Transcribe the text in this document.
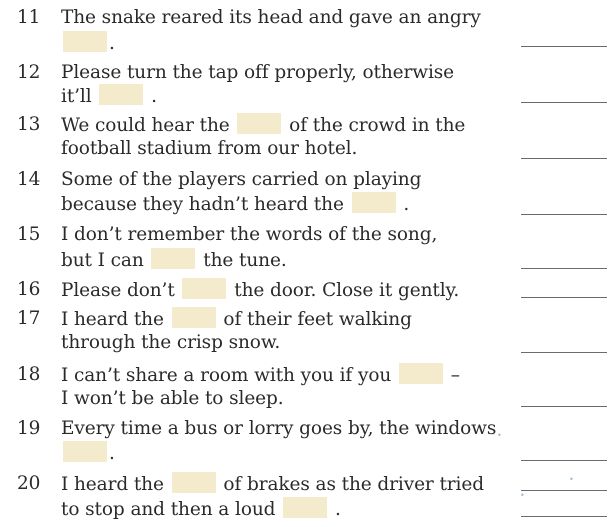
11	The snake reared its head and gave an angry
.
12	Please turn the tap off properly, otherwise
it’ll	.
13	We could hear the	of the crowd in the
football stadium from our hotel.
14	Some of the players carried on playing
because they hadn’t heard the	.
15	I don’t remember the words of the song,
but I can	the tune.
16	Please don’t	the door. Close it gently.
17	I heard the	of their feet walking
through the crisp snow.
18	I can’t share a room with you if you	–
I won’t be able to sleep.
19	Every time a bus or lorry goes by, the windows
.
20	I heard the	of brakes as the driver tried
to stop and then a loud	.
•
•
•
